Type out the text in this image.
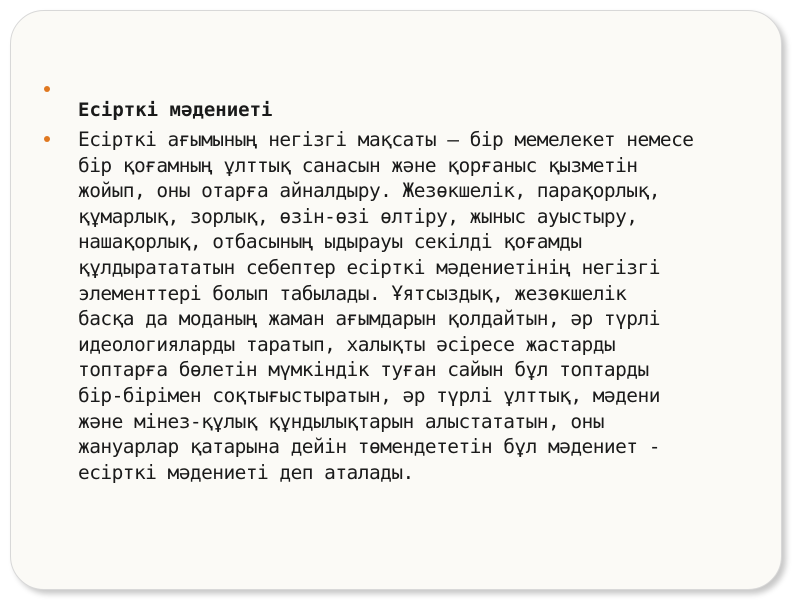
Есірткі мәдениеті
Есірткі ағымының негізгі мақсаты – бір мемелекет немесе
бір қоғамның ұлттық санасын және қорғаныс қызметін
жойып, оны отарға айналдыру. Жезөкшелік, парақорлық,
құмарлық, зорлық, өзін-өзі өлтіру, жыныс ауыстыру,
нашақорлық, отбасының ыдырауы секілді қоғамды
құлдыратататын себептер есірткі мәдениетінің негізгі
элементтері болып табылады. Ұятсыздық, жезөкшелік
басқа да моданың жаман ағымдарын қолдайтын, әр түрлі
идеологияларды таратып, халықты әсіресе жастарды
топтарға бөлетін мүмкіндік туған сайын бұл топтарды
бір-бірімен соқтығыстыратын, әр түрлі ұлттық, мәдени
және мінез-құлық құндылықтарын алыстататын, оны
жануарлар қатарына дейін төмендететін бұл мәдениет -
есірткі мәдениеті деп аталады.
